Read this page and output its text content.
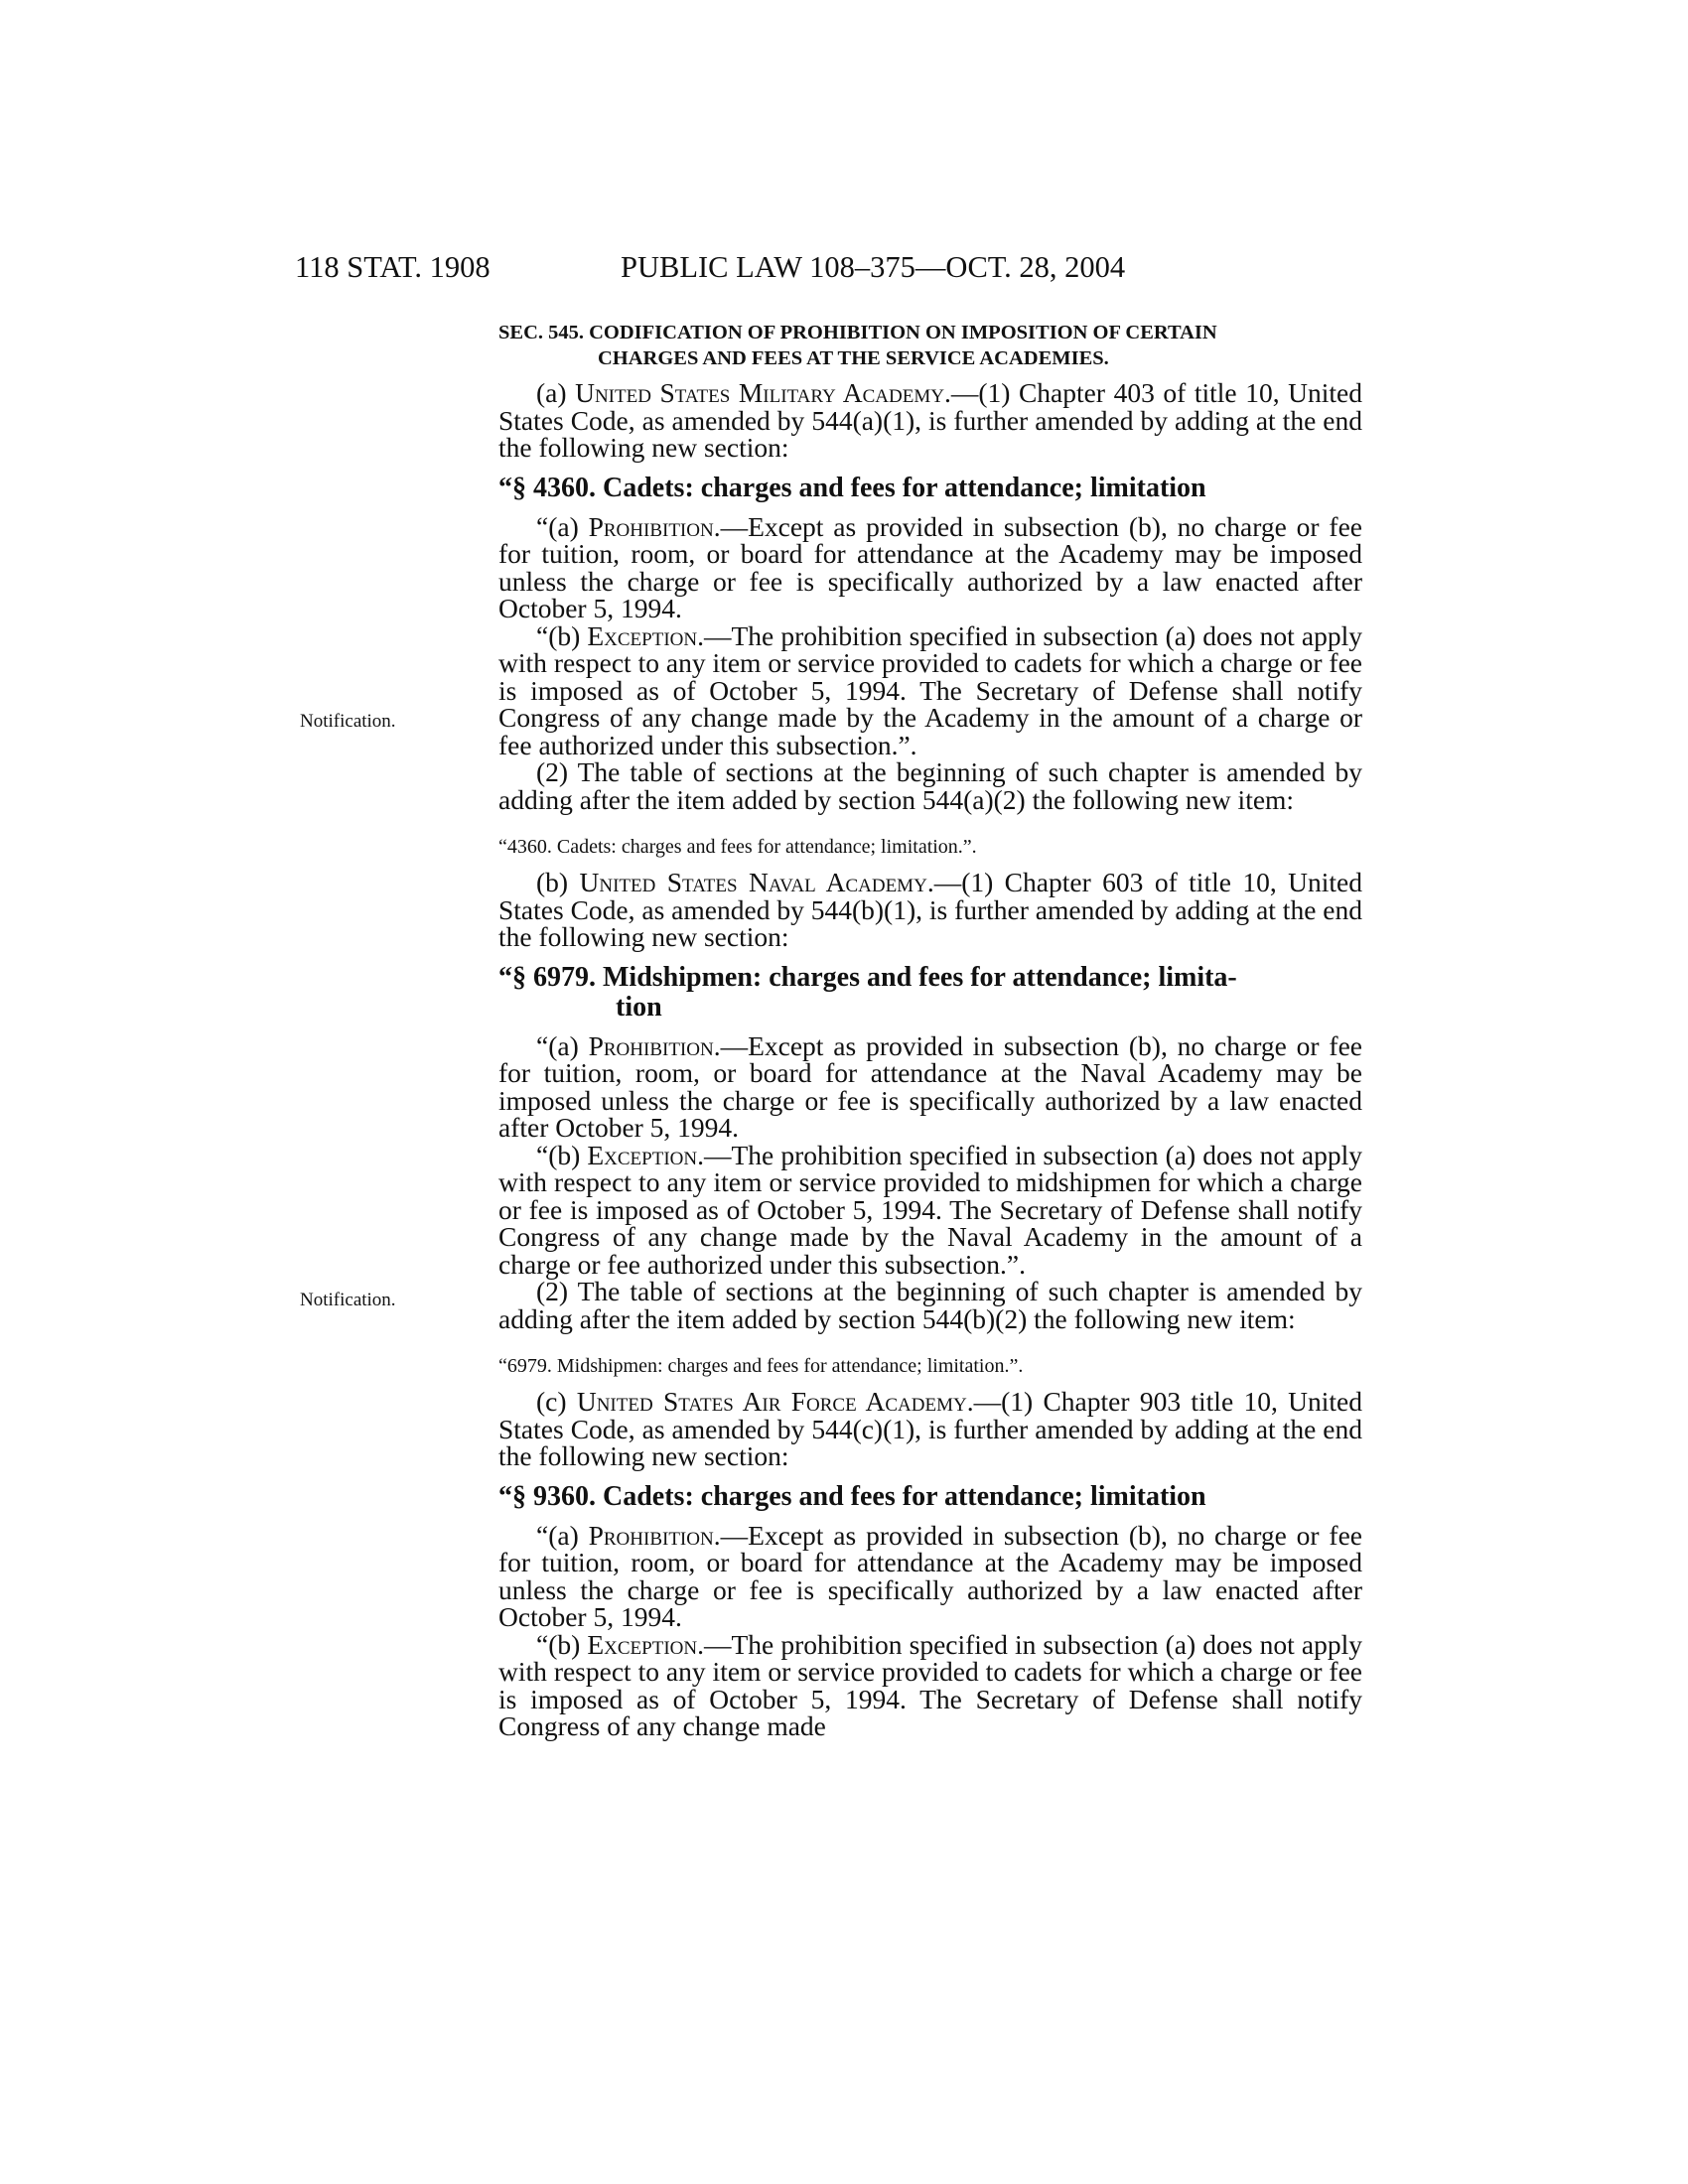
118 STAT. 1908	PUBLIC LAW 108–375—OCT. 28, 2004
Notification.
Notification.
SEC. 545. CODIFICATION OF PROHIBITION ON IMPOSITION OF CERTAIN
CHARGES AND FEES AT THE SERVICE ACADEMIES.

(a) United States Military Academy.—(1) Chapter 403 of title 10, United States Code, as amended by 544(a)(1), is further amended by adding at the end the following new section:

“§ 4360. Cadets: charges and fees for attendance; limitation

“(a) Prohibition.—Except as provided in subsection (b), no charge or fee for tuition, room, or board for attendance at the Academy may be imposed unless the charge or fee is specifically authorized by a law enacted after October 5, 1994.

“(b) Exception.—The prohibition specified in subsection (a) does not apply with respect to any item or service provided to cadets for which a charge or fee is imposed as of October 5, 1994. The Secretary of Defense shall notify Congress of any change made by the Academy in the amount of a charge or fee authorized under this subsection.”.

(2) The table of sections at the beginning of such chapter is amended by adding after the item added by section 544(a)(2) the following new item:

“4360. Cadets: charges and fees for attendance; limitation.”.

(b) United States Naval Academy.—(1) Chapter 603 of title 10, United States Code, as amended by 544(b)(1), is further amended by adding at the end the following new section:

“§ 6979. Midshipmen: charges and fees for attendance; limita-
tion

“(a) Prohibition.—Except as provided in subsection (b), no charge or fee for tuition, room, or board for attendance at the Naval Academy may be imposed unless the charge or fee is specifically authorized by a law enacted after October 5, 1994.

“(b) Exception.—The prohibition specified in subsection (a) does not apply with respect to any item or service provided to midshipmen for which a charge or fee is imposed as of October 5, 1994. The Secretary of Defense shall notify Congress of any change made by the Naval Academy in the amount of a charge or fee authorized under this subsection.”.

(2) The table of sections at the beginning of such chapter is amended by adding after the item added by section 544(b)(2) the following new item:

“6979. Midshipmen: charges and fees for attendance; limitation.”.

(c) United States Air Force Academy.—(1) Chapter 903 title 10, United States Code, as amended by 544(c)(1), is further amended by adding at the end the following new section:

“§ 9360. Cadets: charges and fees for attendance; limitation

“(a) Prohibition.—Except as provided in subsection (b), no charge or fee for tuition, room, or board for attendance at the Academy may be imposed unless the charge or fee is specifically authorized by a law enacted after October 5, 1994.

“(b) Exception.—The prohibition specified in subsection (a) does not apply with respect to any item or service provided to cadets for which a charge or fee is imposed as of October 5, 1994. The Secretary of Defense shall notify Congress of any change made
